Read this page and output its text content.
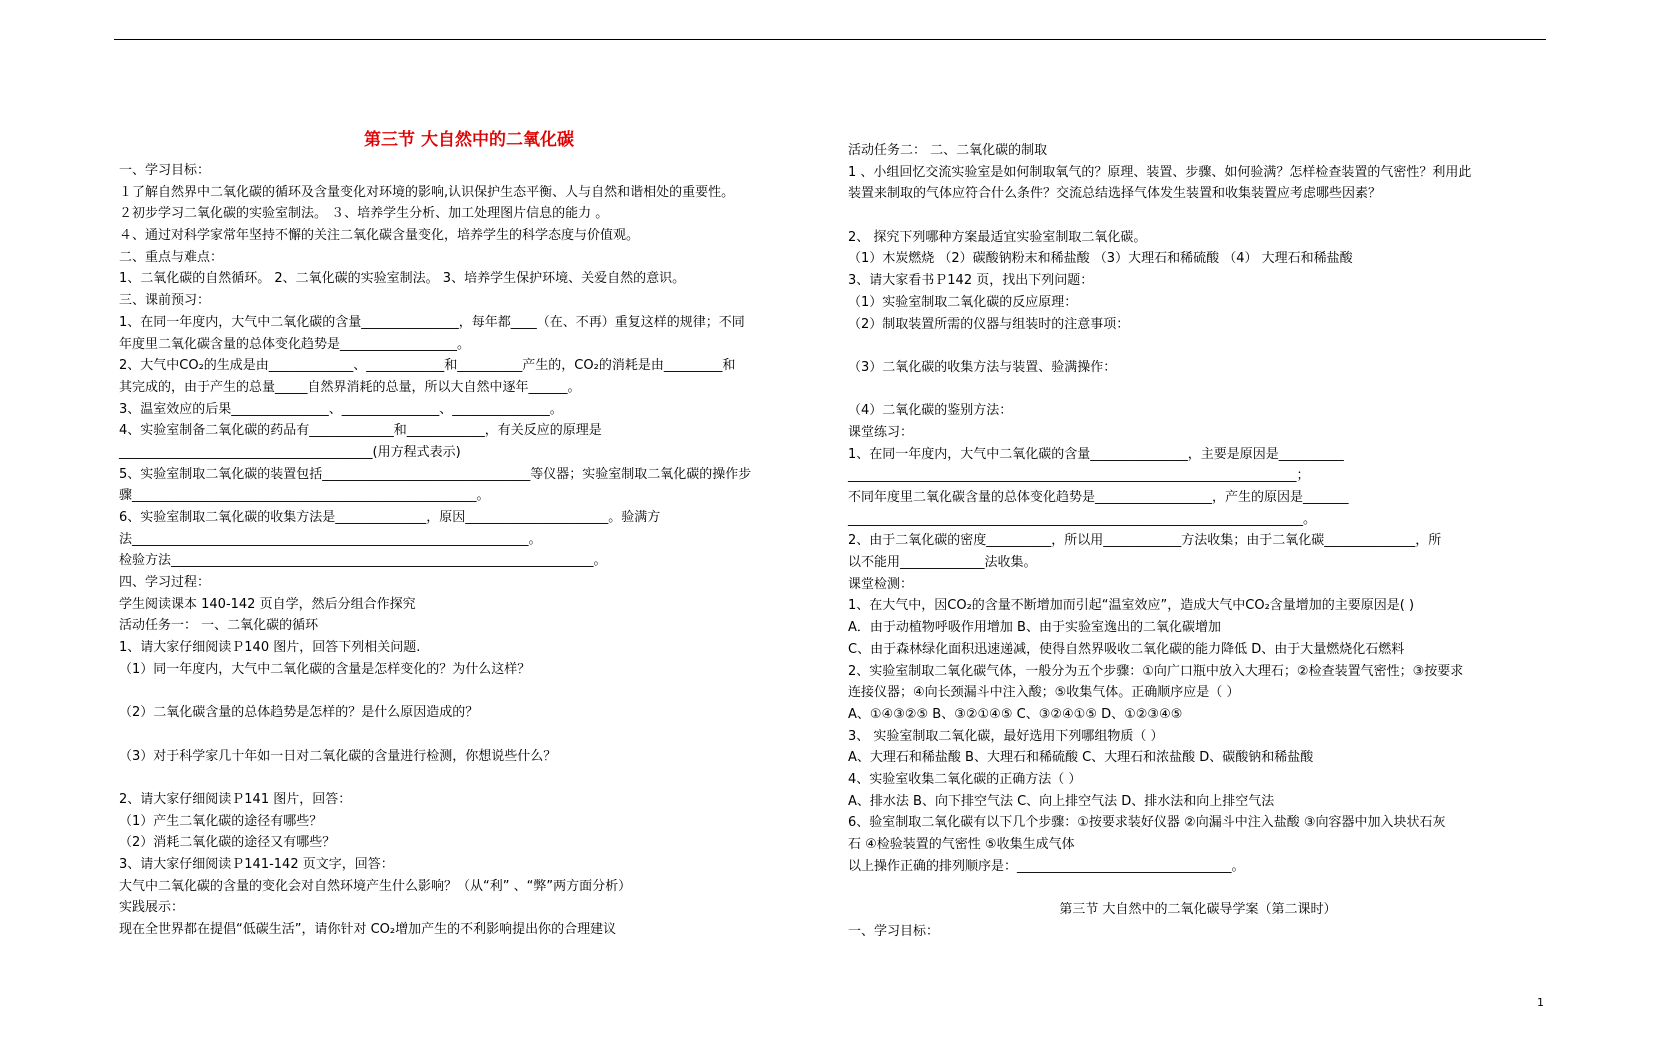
第三节 大自然中的二氧化碳
一、学习目标：
１了解自然界中二氧化碳的循环及含量变化对环境的影响,认识保护生态平衡、人与自然和谐相处的重要性。
２初步学习二氧化碳的实验室制法。 ３、培养学生分析、加工处理图片信息的能力 。
４、通过对科学家常年坚持不懈的关注二氧化碳含量变化，培养学生的科学态度与价值观。
二、重点与难点：
1、二氧化碳的自然循环。 2、二氧化碳的实验室制法。 3、培养学生保护环境、关爱自然的意识。
三、课前预习：
1、在同一年度内，大气中二氧化碳的含量_______________，每年都____（在、不再）重复这样的规律；不同
年度里二氧化碳含量的总体变化趋势是__________________。
2、大气中CO₂的生成是由_____________、____________和__________产生的，CO₂的消耗是由_________和
其完成的，由于产生的总量_____自然界消耗的总量，所以大自然中逐年______。
3、温室效应的后果_______________、_______________、_______________。
4、实验室制备二氧化碳的药品有_____________和____________，有关反应的原理是
_______________________________________(用方程式表示)
5、实验室制取二氧化碳的装置包括________________________________等仪器；实验室制取二氧化碳的操作步
骤_____________________________________________________。
6、实验室制取二氧化碳的收集方法是______________，原因______________________。验满方
法_____________________________________________________________。
检验方法_________________________________________________________________。
四、学习过程：
学生阅读课本 140-142 页自学，然后分组合作探究
活动任务一： 一、二氧化碳的循环
1、请大家仔细阅读Ｐ140 图片，回答下列相关问题.
（1）同一年度内，大气中二氧化碳的含量是怎样变化的？为什么这样？
（2）二氧化碳含量的总体趋势是怎样的？是什么原因造成的？
（3）对于科学家几十年如一日对二氧化碳的含量进行检测，你想说些什么？
2、请大家仔细阅读Ｐ141 图片，回答：
（1）产生二氧化碳的途径有哪些？
（2）消耗二氧化碳的途径又有哪些？
3、请大家仔细阅读Ｐ141-142 页文字，回答：
大气中二氧化碳的含量的变化会对自然环境产生什么影响？（从“利” 、“弊”两方面分析）
实践展示：
现在全世界都在提倡“低碳生活”，请你针对 CO₂增加产生的不利影响提出你的合理建议
活动任务二： 二、二氧化碳的制取
1 、小组回忆交流实验室是如何制取氧气的？原理、装置、步骤、如何验满？怎样检查装置的气密性？利用此
装置来制取的气体应符合什么条件？交流总结选择气体发生装置和收集装置应考虑哪些因素？
2、 探究下列哪种方案最适宜实验室制取二氧化碳。
（1）木炭燃烧 （2）碳酸钠粉末和稀盐酸 （3）大理石和稀硫酸 （4） 大理石和稀盐酸
3、请大家看书Ｐ142 页，找出下列问题：
（1）实验室制取二氧化碳的反应原理：
（2）制取装置所需的仪器与组装时的注意事项：
（3）二氧化碳的收集方法与装置、验满操作：
（4）二氧化碳的鉴别方法：
课堂练习：
1、在同一年度内，大气中二氧化碳的含量_______________，主要是原因是__________
_____________________________________________________________________；
不同年度里二氧化碳含量的总体变化趋势是__________________，产生的原因是_______
______________________________________________________________________。
2、由于二氧化碳的密度__________，所以用____________方法收集；由于二氧化碳______________，所
以不能用_____________法收集。
课堂检测：
1、在大气中，因CO₂的含量不断增加而引起“温室效应”，造成大气中CO₂含量增加的主要原因是( )
A．由于动植物呼吸作用增加 B、由于实验室逸出的二氧化碳增加
C、由于森林绿化面积迅速递减，使得自然界吸收二氧化碳的能力降低 D、由于大量燃烧化石燃料
2、实验室制取二氧化碳气体，一般分为五个步骤：①向广口瓶中放入大理石；②检查装置气密性；③按要求
连接仪器；④向长颈漏斗中注入酸；⑤收集气体。正确顺序应是（ ）
A、①④③②⑤ B、③②①④⑤ C、③②④①⑤ D、①②③④⑤
3、 实验室制取二氧化碳，最好选用下列哪组物质（ ）
A、大理石和稀盐酸 B、大理石和稀硫酸 C、大理石和浓盐酸 D、碳酸钠和稀盐酸
4、实验室收集二氧化碳的正确方法（ ）
A、排水法 B、向下排空气法 C、向上排空气法 D、排水法和向上排空气法
6、验室制取二氧化碳有以下几个步骤：①按要求装好仪器 ②向漏斗中注入盐酸 ③向容器中加入块状石灰
石 ④检验装置的气密性 ⑤收集生成气体
以上操作正确的排列顺序是：_________________________________。
第三节 大自然中的二氧化碳导学案（第二课时）
一、学习目标：
1
